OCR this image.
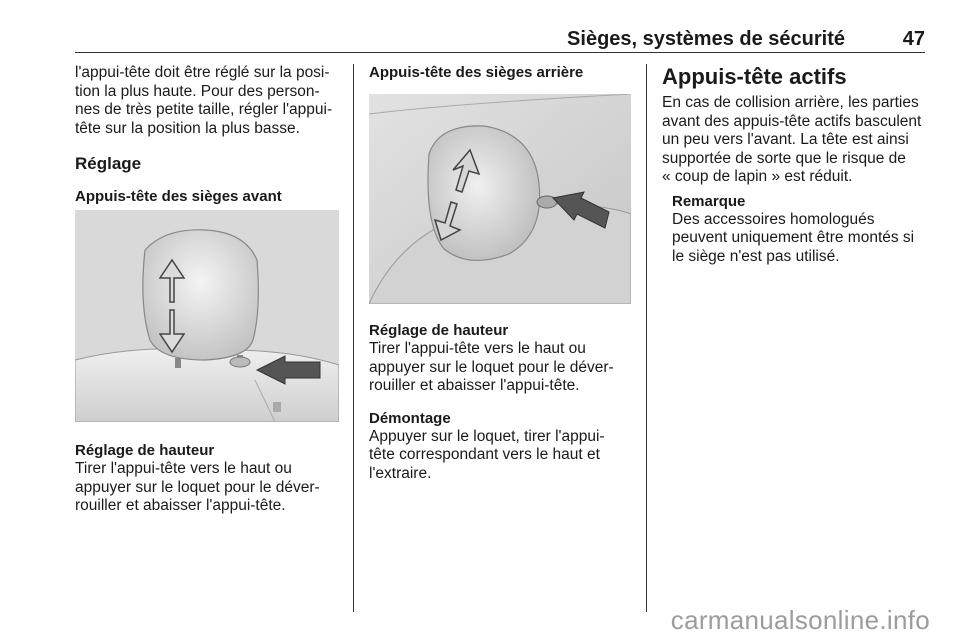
Sièges, systèmes de sécurité	47

l'appui-tête doit être réglé sur la posi-

tion la plus haute. Pour des person-

nes de très petite taille, régler l'appui-

tête sur la position la plus basse.

Réglage
Appuis-tête des sièges avant
Réglage de hauteur

Tirer l'appui-tête vers le haut ou

appuyer sur le loquet pour le déver-

rouiller et abaisser l'appui-tête.

Appuis-tête des sièges arrière
Réglage de hauteur

Tirer l'appui-tête vers le haut ou

appuyer sur le loquet pour le déver-

rouiller et abaisser l'appui-tête.

Démontage

Appuyer sur le loquet, tirer l'appui-

tête correspondant vers le haut et

l'extraire.

Appuis-tête actifs

En cas de collision arrière, les parties

avant des appuis-tête actifs basculent

un peu vers l'avant. La tête est ainsi

supportée de sorte que le risque de

« coup de lapin » est réduit.

Remarque

Des accessoires homologués

peuvent uniquement être montés si

le siège n'est pas utilisé.

carmanualsonline.info
